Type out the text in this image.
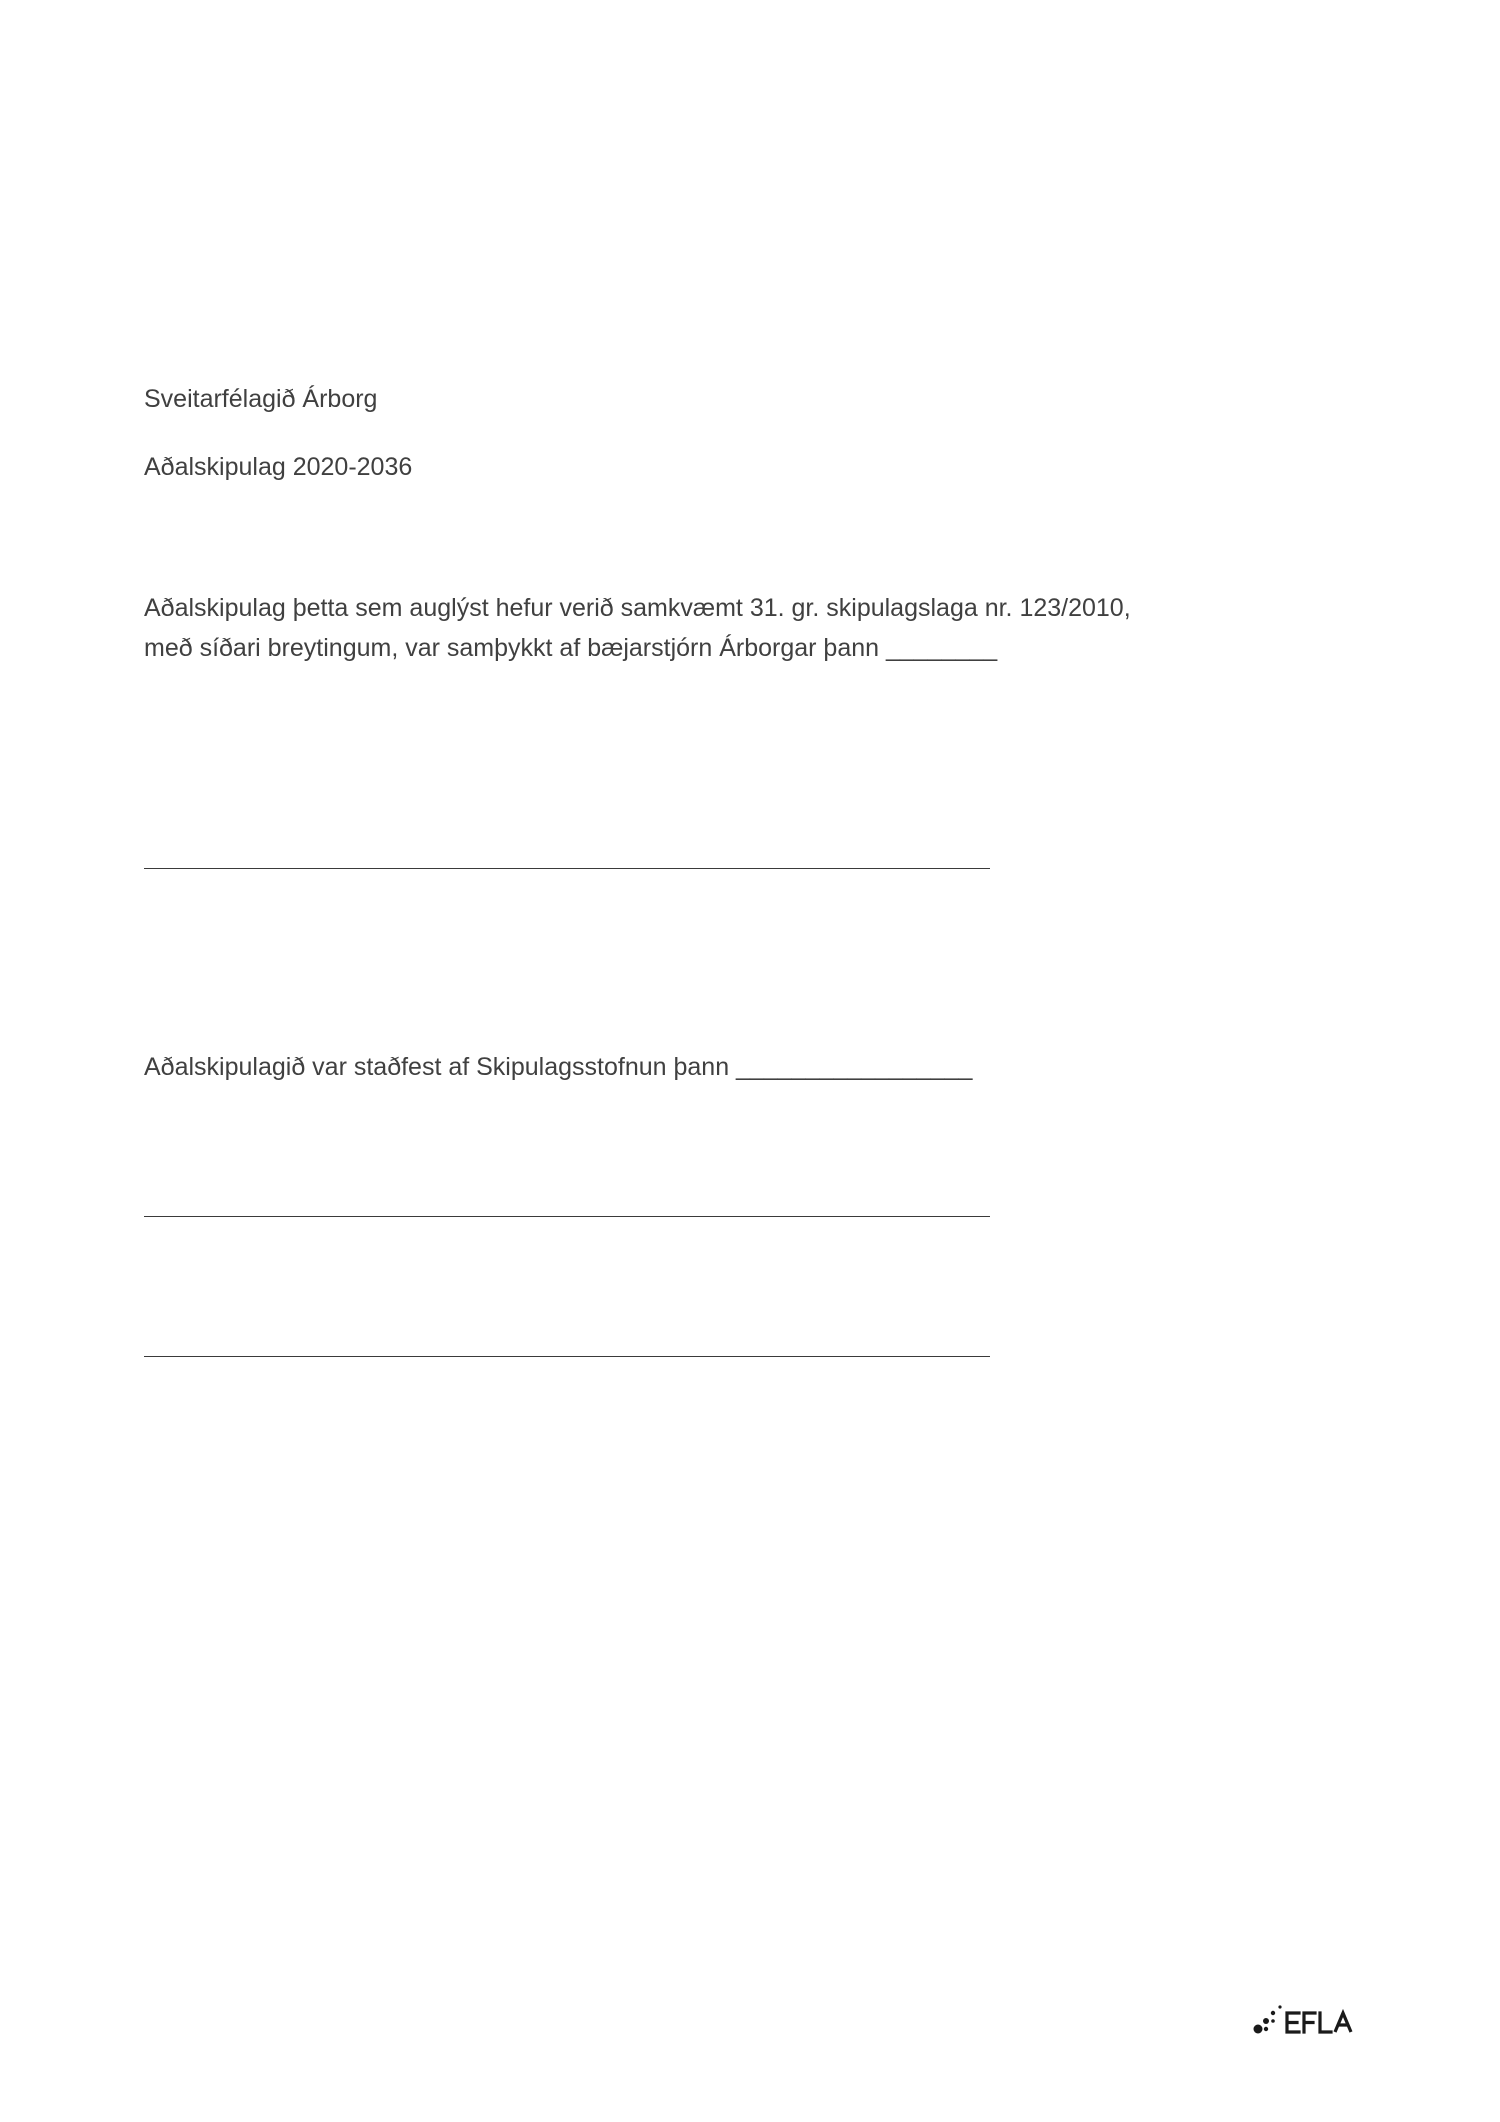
Sveitarfélagið Árborg
Aðalskipulag 2020-2036
Aðalskipulag þetta sem auglýst hefur verið samkvæmt 31. gr. skipulagslaga nr. 123/2010,
með síðari breytingum, var samþykkt af bæjarstjórn Árborgar þann ________
Aðalskipulagið var staðfest af Skipulagsstofnun þann _________________
